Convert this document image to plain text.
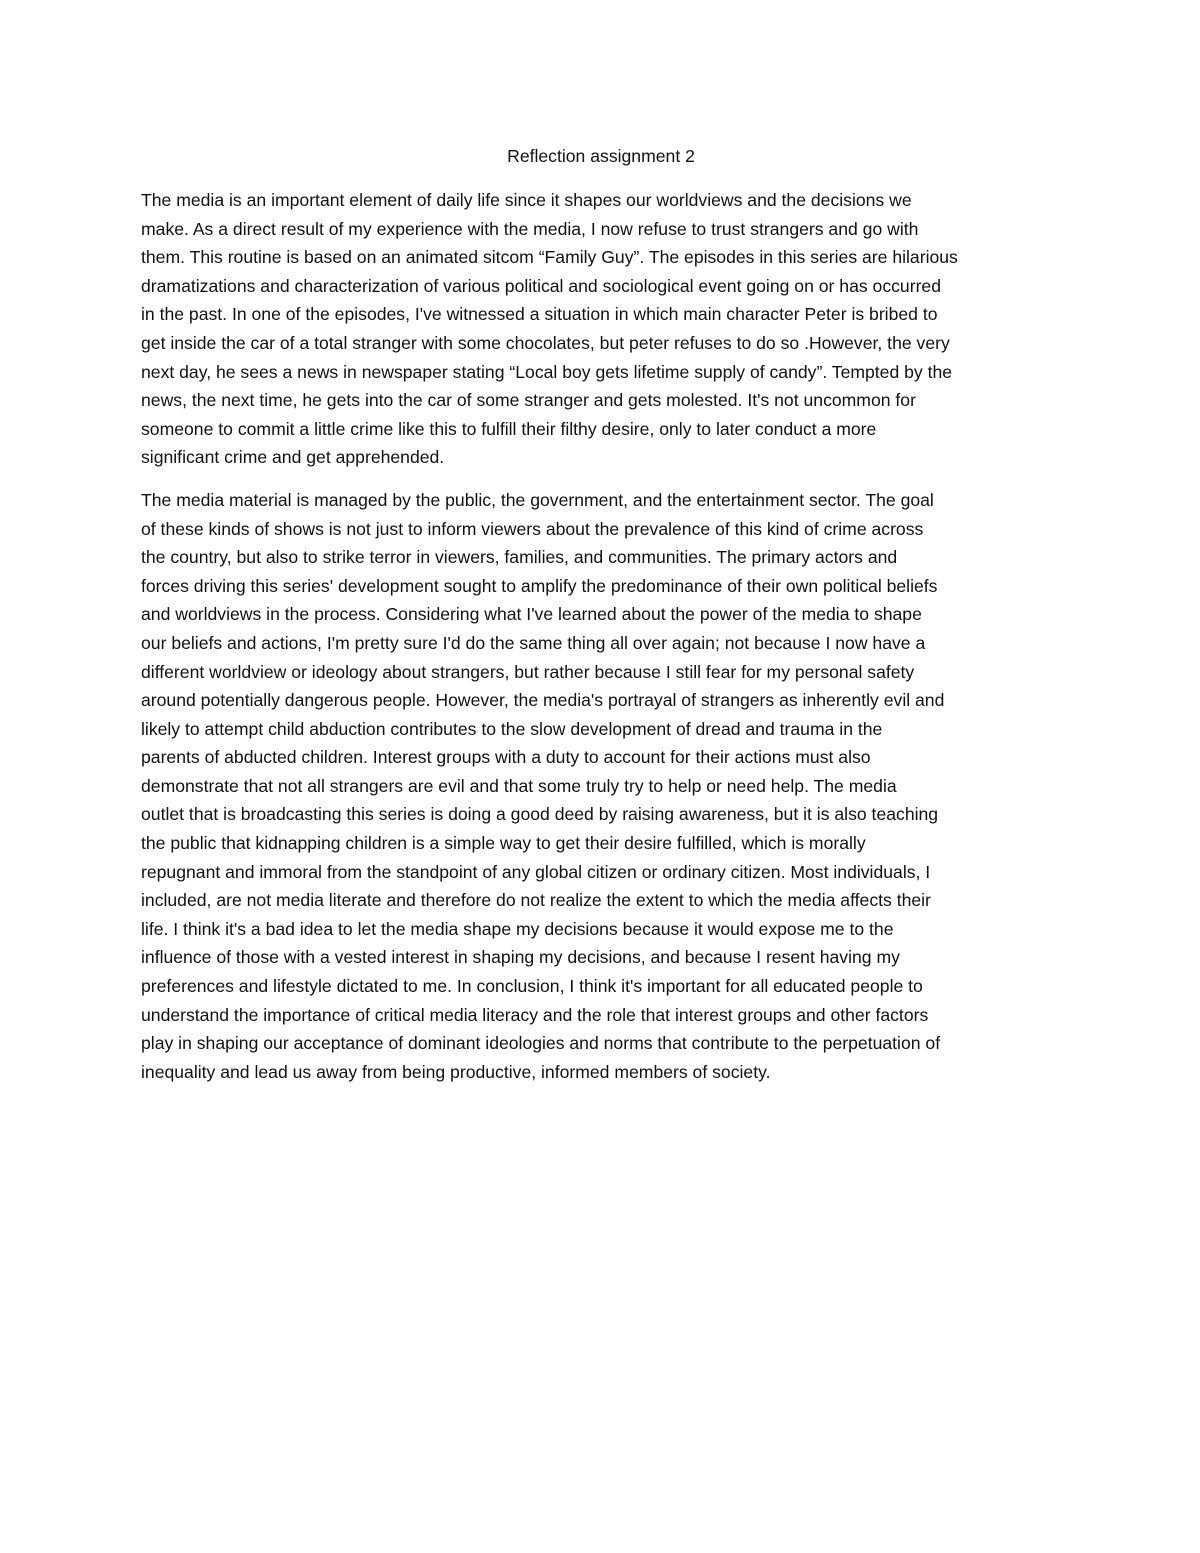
Reflection assignment 2

The media is an important element of daily life since it shapes our worldviews and the decisions we
make. As a direct result of my experience with the media, I now refuse to trust strangers and go with
them. This routine is based on an animated sitcom “Family Guy”. The episodes in this series are hilarious
dramatizations and characterization of various political and sociological event going on or has occurred
in the past. In one of the episodes, I've witnessed a situation in which main character Peter is bribed to
get inside the car of a total stranger with some chocolates, but peter refuses to do so .However, the very
next day, he sees a news in newspaper stating “Local boy gets lifetime supply of candy”. Tempted by the
news, the next time, he gets into the car of some stranger and gets molested. It's not uncommon for
someone to commit a little crime like this to fulfill their filthy desire, only to later conduct a more
significant crime and get apprehended.

The media material is managed by the public, the government, and the entertainment sector. The goal
of these kinds of shows is not just to inform viewers about the prevalence of this kind of crime across
the country, but also to strike terror in viewers, families, and communities. The primary actors and
forces driving this series' development sought to amplify the predominance of their own political beliefs
and worldviews in the process. Considering what I've learned about the power of the media to shape
our beliefs and actions, I'm pretty sure I'd do the same thing all over again; not because I now have a
different worldview or ideology about strangers, but rather because I still fear for my personal safety
around potentially dangerous people. However, the media's portrayal of strangers as inherently evil and
likely to attempt child abduction contributes to the slow development of dread and trauma in the
parents of abducted children. Interest groups with a duty to account for their actions must also
demonstrate that not all strangers are evil and that some truly try to help or need help. The media
outlet that is broadcasting this series is doing a good deed by raising awareness, but it is also teaching
the public that kidnapping children is a simple way to get their desire fulfilled, which is morally
repugnant and immoral from the standpoint of any global citizen or ordinary citizen. Most individuals, I
included, are not media literate and therefore do not realize the extent to which the media affects their
life. I think it's a bad idea to let the media shape my decisions because it would expose me to the
influence of those with a vested interest in shaping my decisions, and because I resent having my
preferences and lifestyle dictated to me. In conclusion, I think it's important for all educated people to
understand the importance of critical media literacy and the role that interest groups and other factors
play in shaping our acceptance of dominant ideologies and norms that contribute to the perpetuation of
inequality and lead us away from being productive, informed members of society.
